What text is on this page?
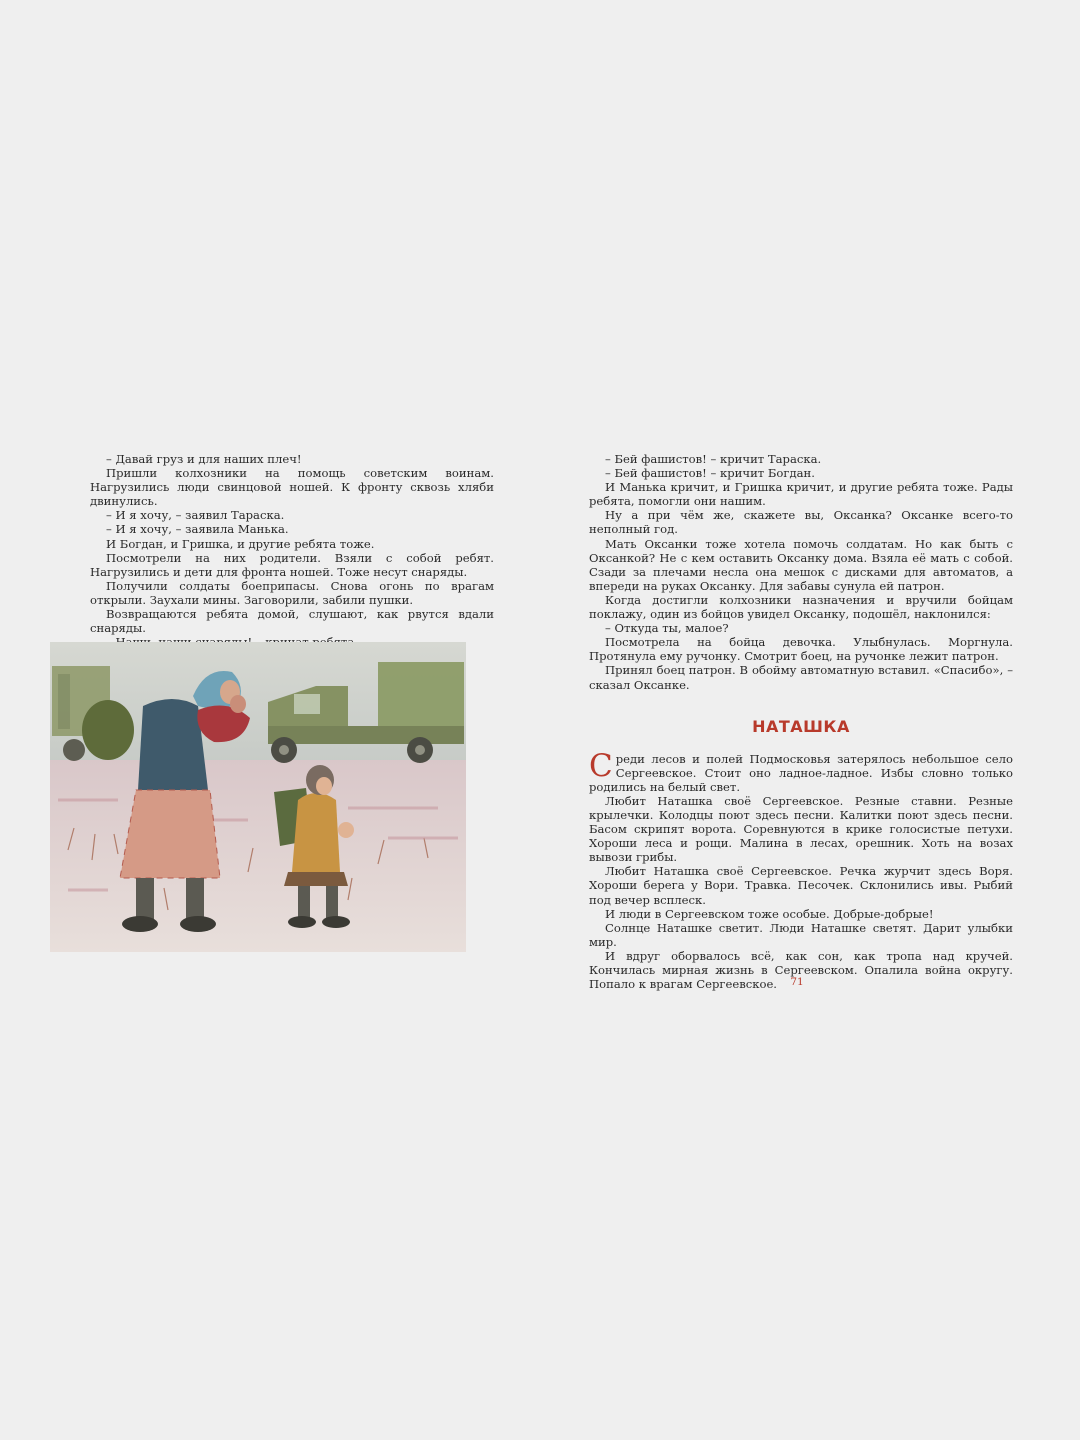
– Давай груз и для наших плеч!

Пришли колхозники на помощь советским воинам. Нагрузились люди свинцовой ношей. К фронту сквозь хляби двинулись.

– И я хочу, – заявил Тараска.

– И я хочу, – заявила Манька.

И Богдан, и Гришка, и другие ребята тоже.

Посмотрели на них родители. Взяли с собой ребят. Нагрузились и дети для фронта ношей. Тоже несут снаряды.

Получили солдаты боеприпасы. Снова огонь по врагам открыли. Заухали мины. Заговорили, забили пушки.

Возвращаются ребята домой, слушают, как рвутся вдали снаряды.

– Бей фашистов! – кричит Тараска.

– Бей фашистов! – кричит Богдан.

И Манька кричит, и Гришка кричит, и другие ребята тоже. Рады ребята, помогли они нашим.

Ну а при чём же, скажете вы, Оксанка? Оксанке всего-то неполный год.

Мать Оксанки тоже хотела помочь солдатам. Но как быть с Оксанкой? Не с кем оставить Оксанку дома. Взяла её мать с собой. Сзади за плечами несла она мешок с дисками для автоматов, а впереди на руках Оксанку. Для забавы сунула ей патрон.

Когда достигли колхозники назначения и вручили бойцам поклажу, один из бойцов увидел Оксанку, подошёл, наклонился:

– Откуда ты, малое?

Посмотрела на бойца девочка. Улыбнулась. Моргнула. Протянула ему ручонку. Смотрит боец, на ручонке лежит патрон.

Принял боец патрон. В обойму автоматную вставил. «Спасибо», – сказал Оксанке.

НАТАШКА

Среди лесов и полей Подмосковья затерялось небольшое село Сергеевское. Стоит оно ладное-ладное. Избы словно только родились на белый свет.

Любит Наташка своё Сергеевское. Резные ставни. Резные крылечки. Колодцы поют здесь песни. Калитки поют здесь песни. Басом скрипят ворота. Соревнуются в крике голосистые петухи. Хороши леса и рощи. Малина в лесах, орешник. Хоть на возах вывози грибы.

Любит Наташка своё Сергеевское. Речка журчит здесь Воря. Хороши берега у Вори. Травка. Песочек. Склонились ивы. Рыбий под вечер всплеск.

И люди в Сергеевском тоже особые. Добрые-добрые!

Солнце Наташке светит. Люди Наташке светят. Дарит улыбки мир.

И вдруг оборвалось всё, как сон, как тропа над кручей. Кончилась мирная жизнь в Сергеевском. Опалила война округу. Попало к врагам Сергеевское.	71
